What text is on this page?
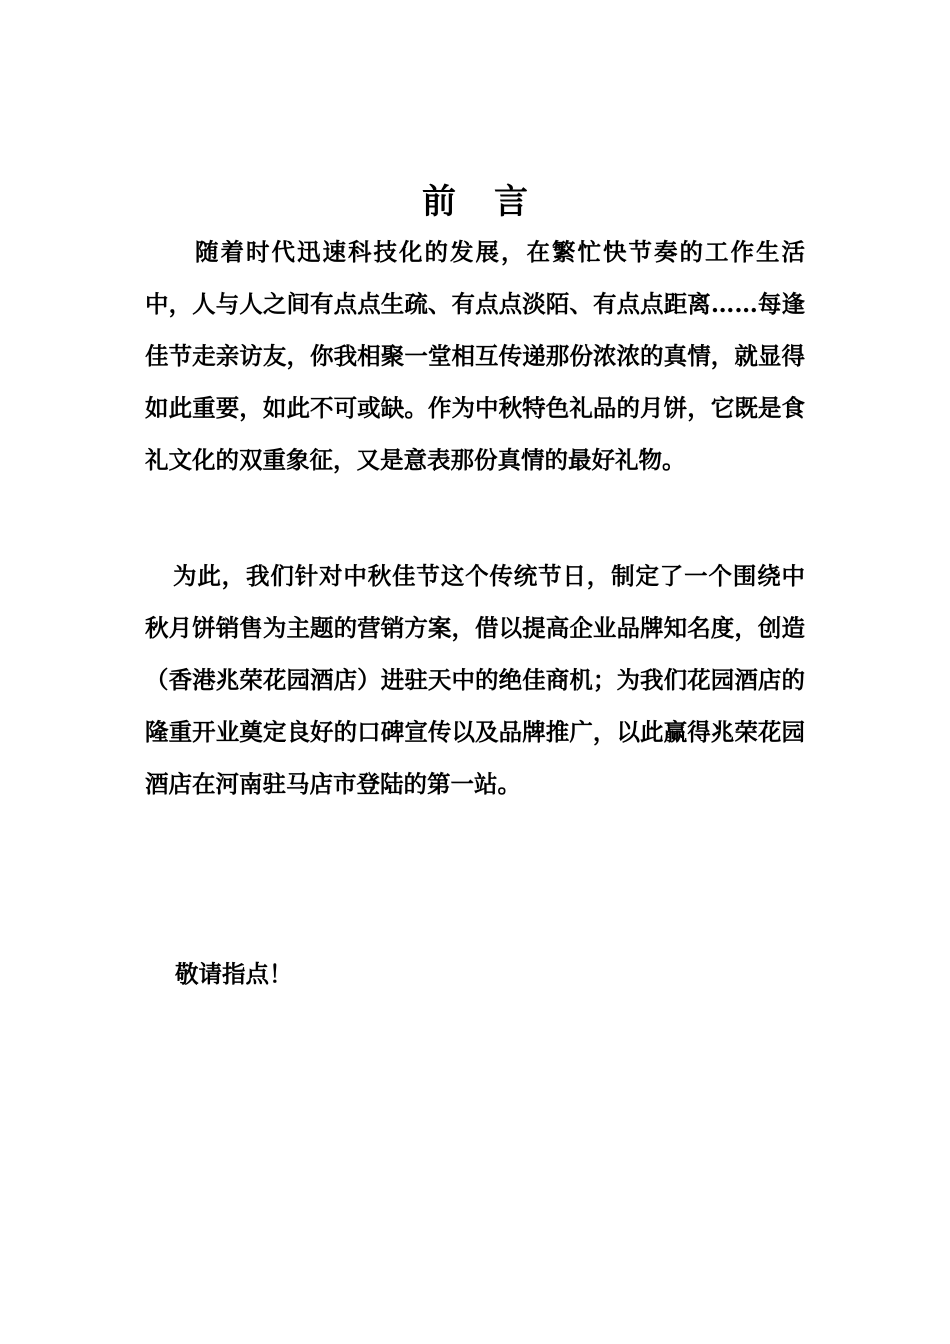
前 言

随着时代迅速科技化的发展，在繁忙快节奏的工作生活中，人与人之间有点点生疏、有点点淡陌、有点点距离……每逢佳节走亲访友，你我相聚一堂相互传递那份浓浓的真情，就显得如此重要，如此不可或缺。作为中秋特色礼品的月饼，它既是食礼文化的双重象征，又是意表那份真情的最好礼物。

为此，我们针对中秋佳节这个传统节日，制定了一个围绕中秋月饼销售为主题的营销方案，借以提高企业品牌知名度，创造（香港兆荣花园酒店）进驻天中的绝佳商机；为我们花园酒店的隆重开业奠定良好的口碑宣传以及品牌推广，以此赢得兆荣花园酒店在河南驻马店市登陆的第一站。

敬请指点！
